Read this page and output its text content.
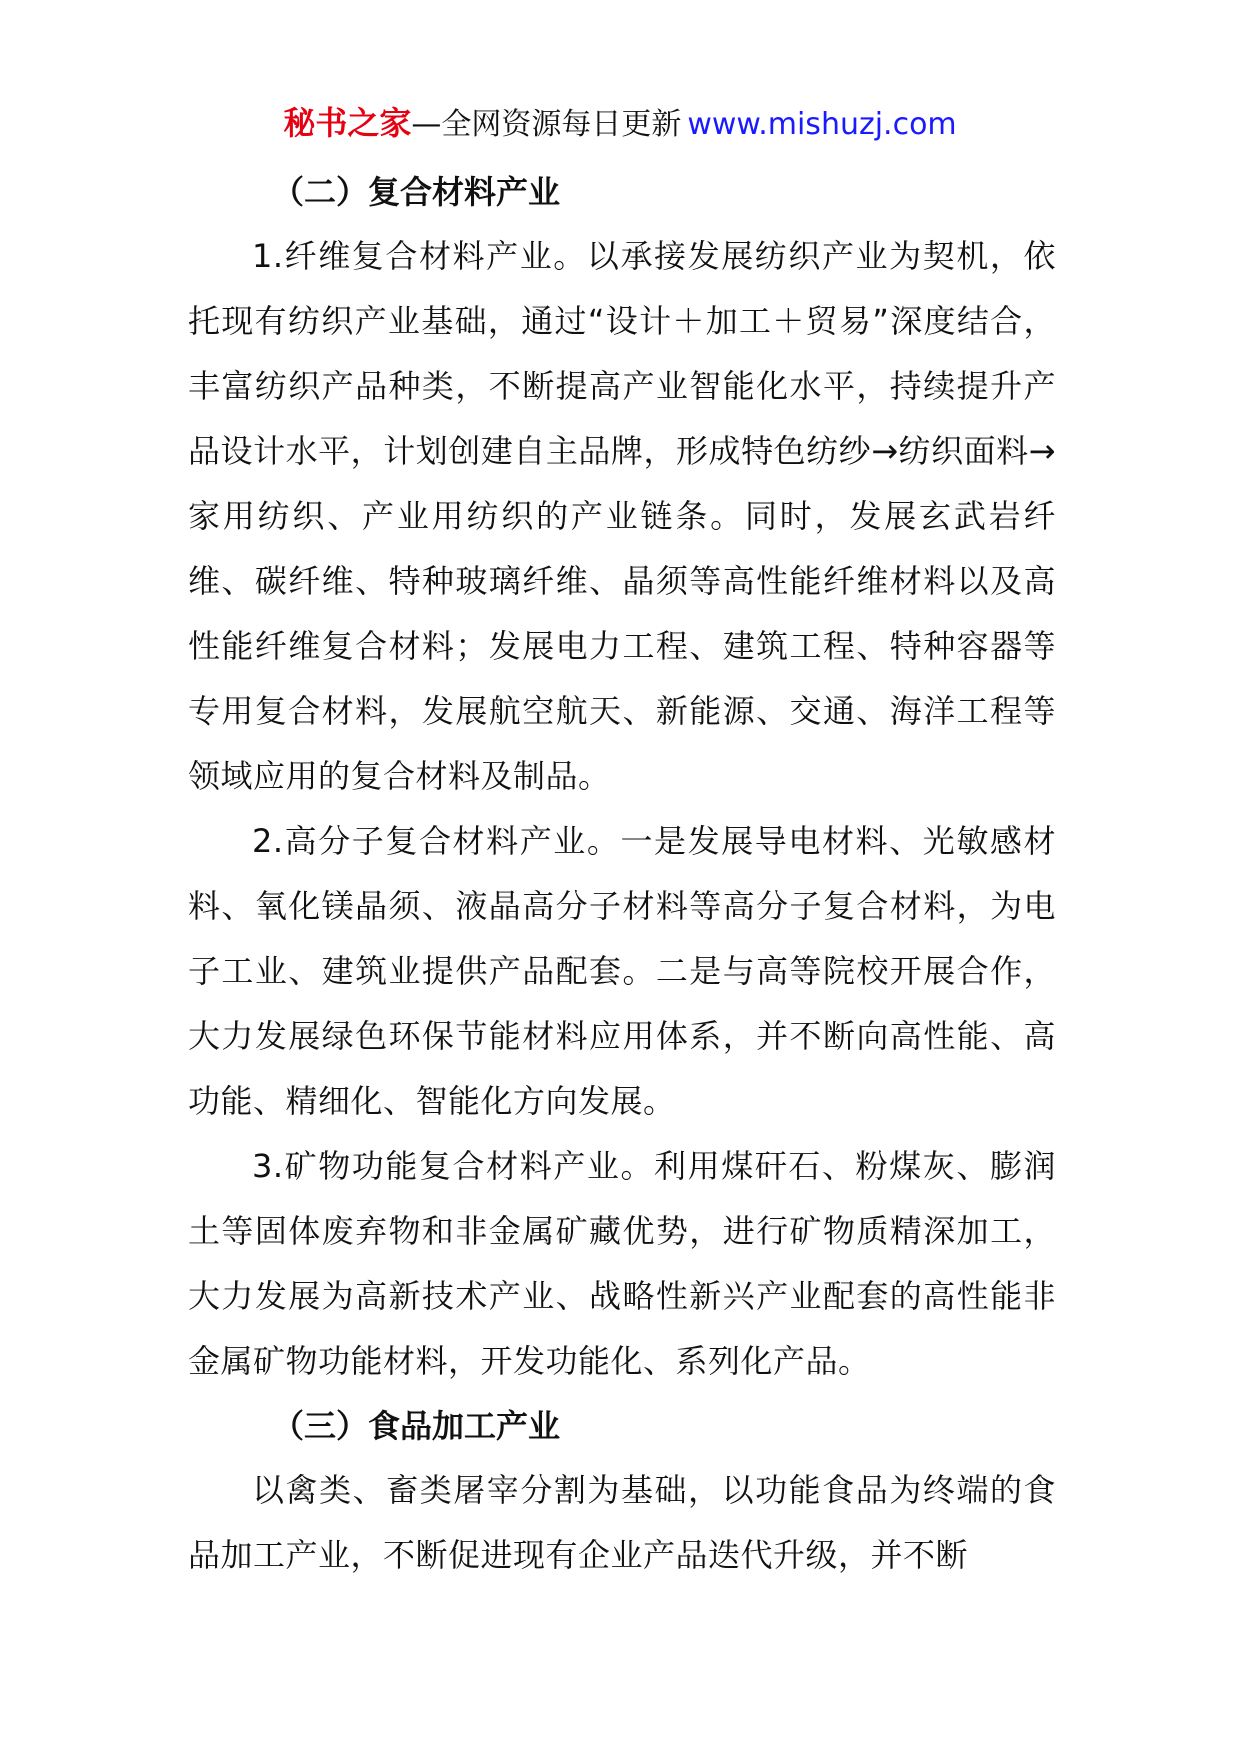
秘书之家—全网资源每日更新 www.mishuzj.com
（二）复合材料产业

1.纤维复合材料产业。以承接发展纺织产业为契机，依托现有纺织产业基础，通过“设计＋加工＋贸易”深度结合，丰富纺织产品种类，不断提高产业智能化水平，持续提升产品设计水平，计划创建自主品牌，形成特色纺纱→纺织面料→家用纺织、产业用纺织的产业链条。同时，发展玄武岩纤维、碳纤维、特种玻璃纤维、晶须等高性能纤维材料以及高性能纤维复合材料；发展电力工程、建筑工程、特种容器等专用复合材料，发展航空航天、新能源、交通、海洋工程等领域应用的复合材料及制品。

2.高分子复合材料产业。一是发展导电材料、光敏感材料、氧化镁晶须、液晶高分子材料等高分子复合材料，为电子工业、建筑业提供产品配套。二是与高等院校开展合作，大力发展绿色环保节能材料应用体系，并不断向高性能、高功能、精细化、智能化方向发展。

3.矿物功能复合材料产业。利用煤矸石、粉煤灰、膨润土等固体废弃物和非金属矿藏优势，进行矿物质精深加工，大力发展为高新技术产业、战略性新兴产业配套的高性能非金属矿物功能材料，开发功能化、系列化产品。

（三）食品加工产业

以禽类、畜类屠宰分割为基础，以功能食品为终端的食品加工产业，不断促进现有企业产品迭代升级，并不断
